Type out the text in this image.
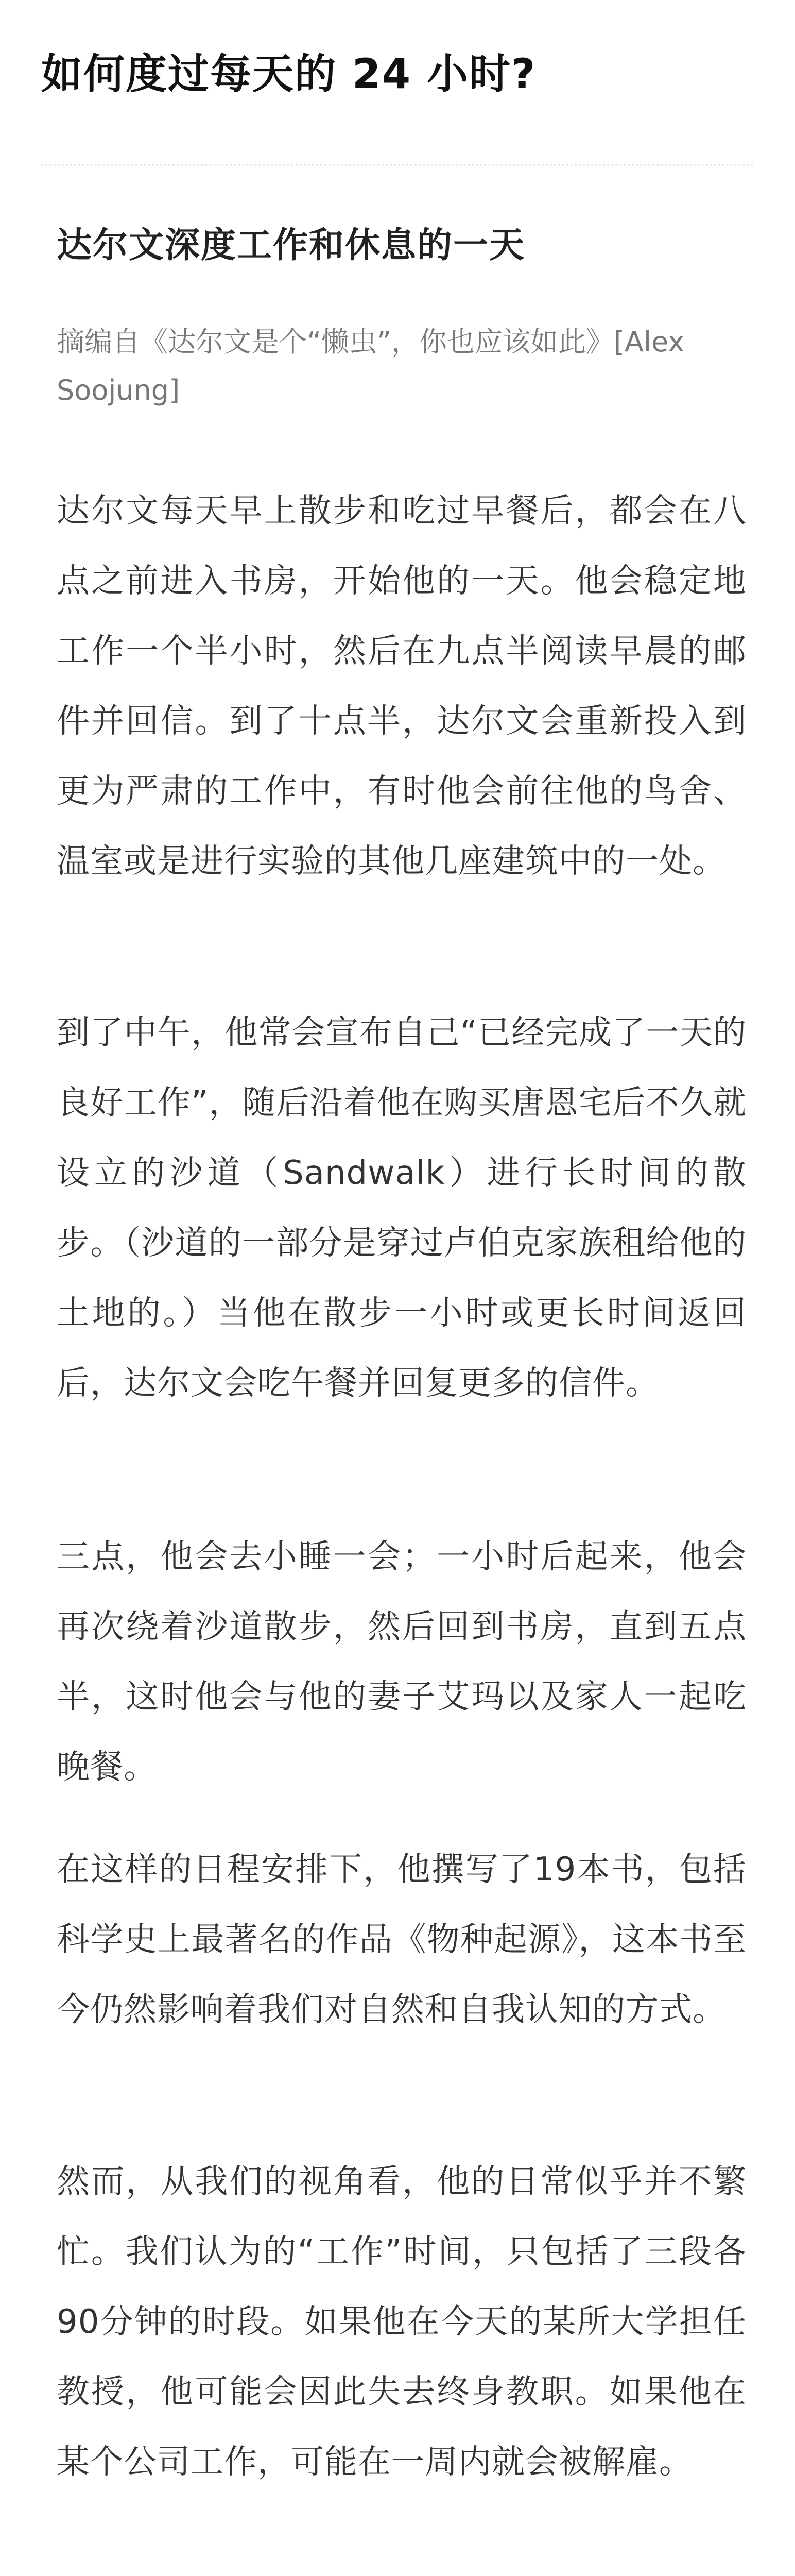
如何度过每天的 24 小时?
达尔文深度工作和休息的一天

摘编自《达尔文是个“懒虫”，你也应该如此》[Alex Soojung]

达尔文每天早上散步和吃过早餐后，都会在八点之前进入书房，开始他的一天。他会稳定地工作一个半小时，然后在九点半阅读早晨的邮件并回信。到了十点半，达尔文会重新投入到更为严肃的工作中，有时他会前往他的鸟舍、温室或是进行实验的其他几座建筑中的一处。

到了中午，他常会宣布自己“已经完成了一天的良好工作”，随后沿着他在购买唐恩宅后不久就设立的沙道（Sandwalk）进行长时间的散步。（沙道的一部分是穿过卢伯克家族租给他的土地的。）当他在散步一小时或更长时间返回后，达尔文会吃午餐并回复更多的信件。

三点，他会去小睡一会；一小时后起来，他会再次绕着沙道散步，然后回到书房，直到五点半，这时他会与他的妻子艾玛以及家人一起吃晚餐。

在这样的日程安排下，他撰写了19本书，包括科学史上最著名的作品《物种起源》，这本书至今仍然影响着我们对自然和自我认知的方式。

然而，从我们的视角看，他的日常似乎并不繁忙。我们认为的“工作”时间，只包括了三段各90分钟的时段。如果他在今天的某所大学担任教授，他可能会因此失去终身教职。如果他在某个公司工作，可能在一周内就会被解雇。
